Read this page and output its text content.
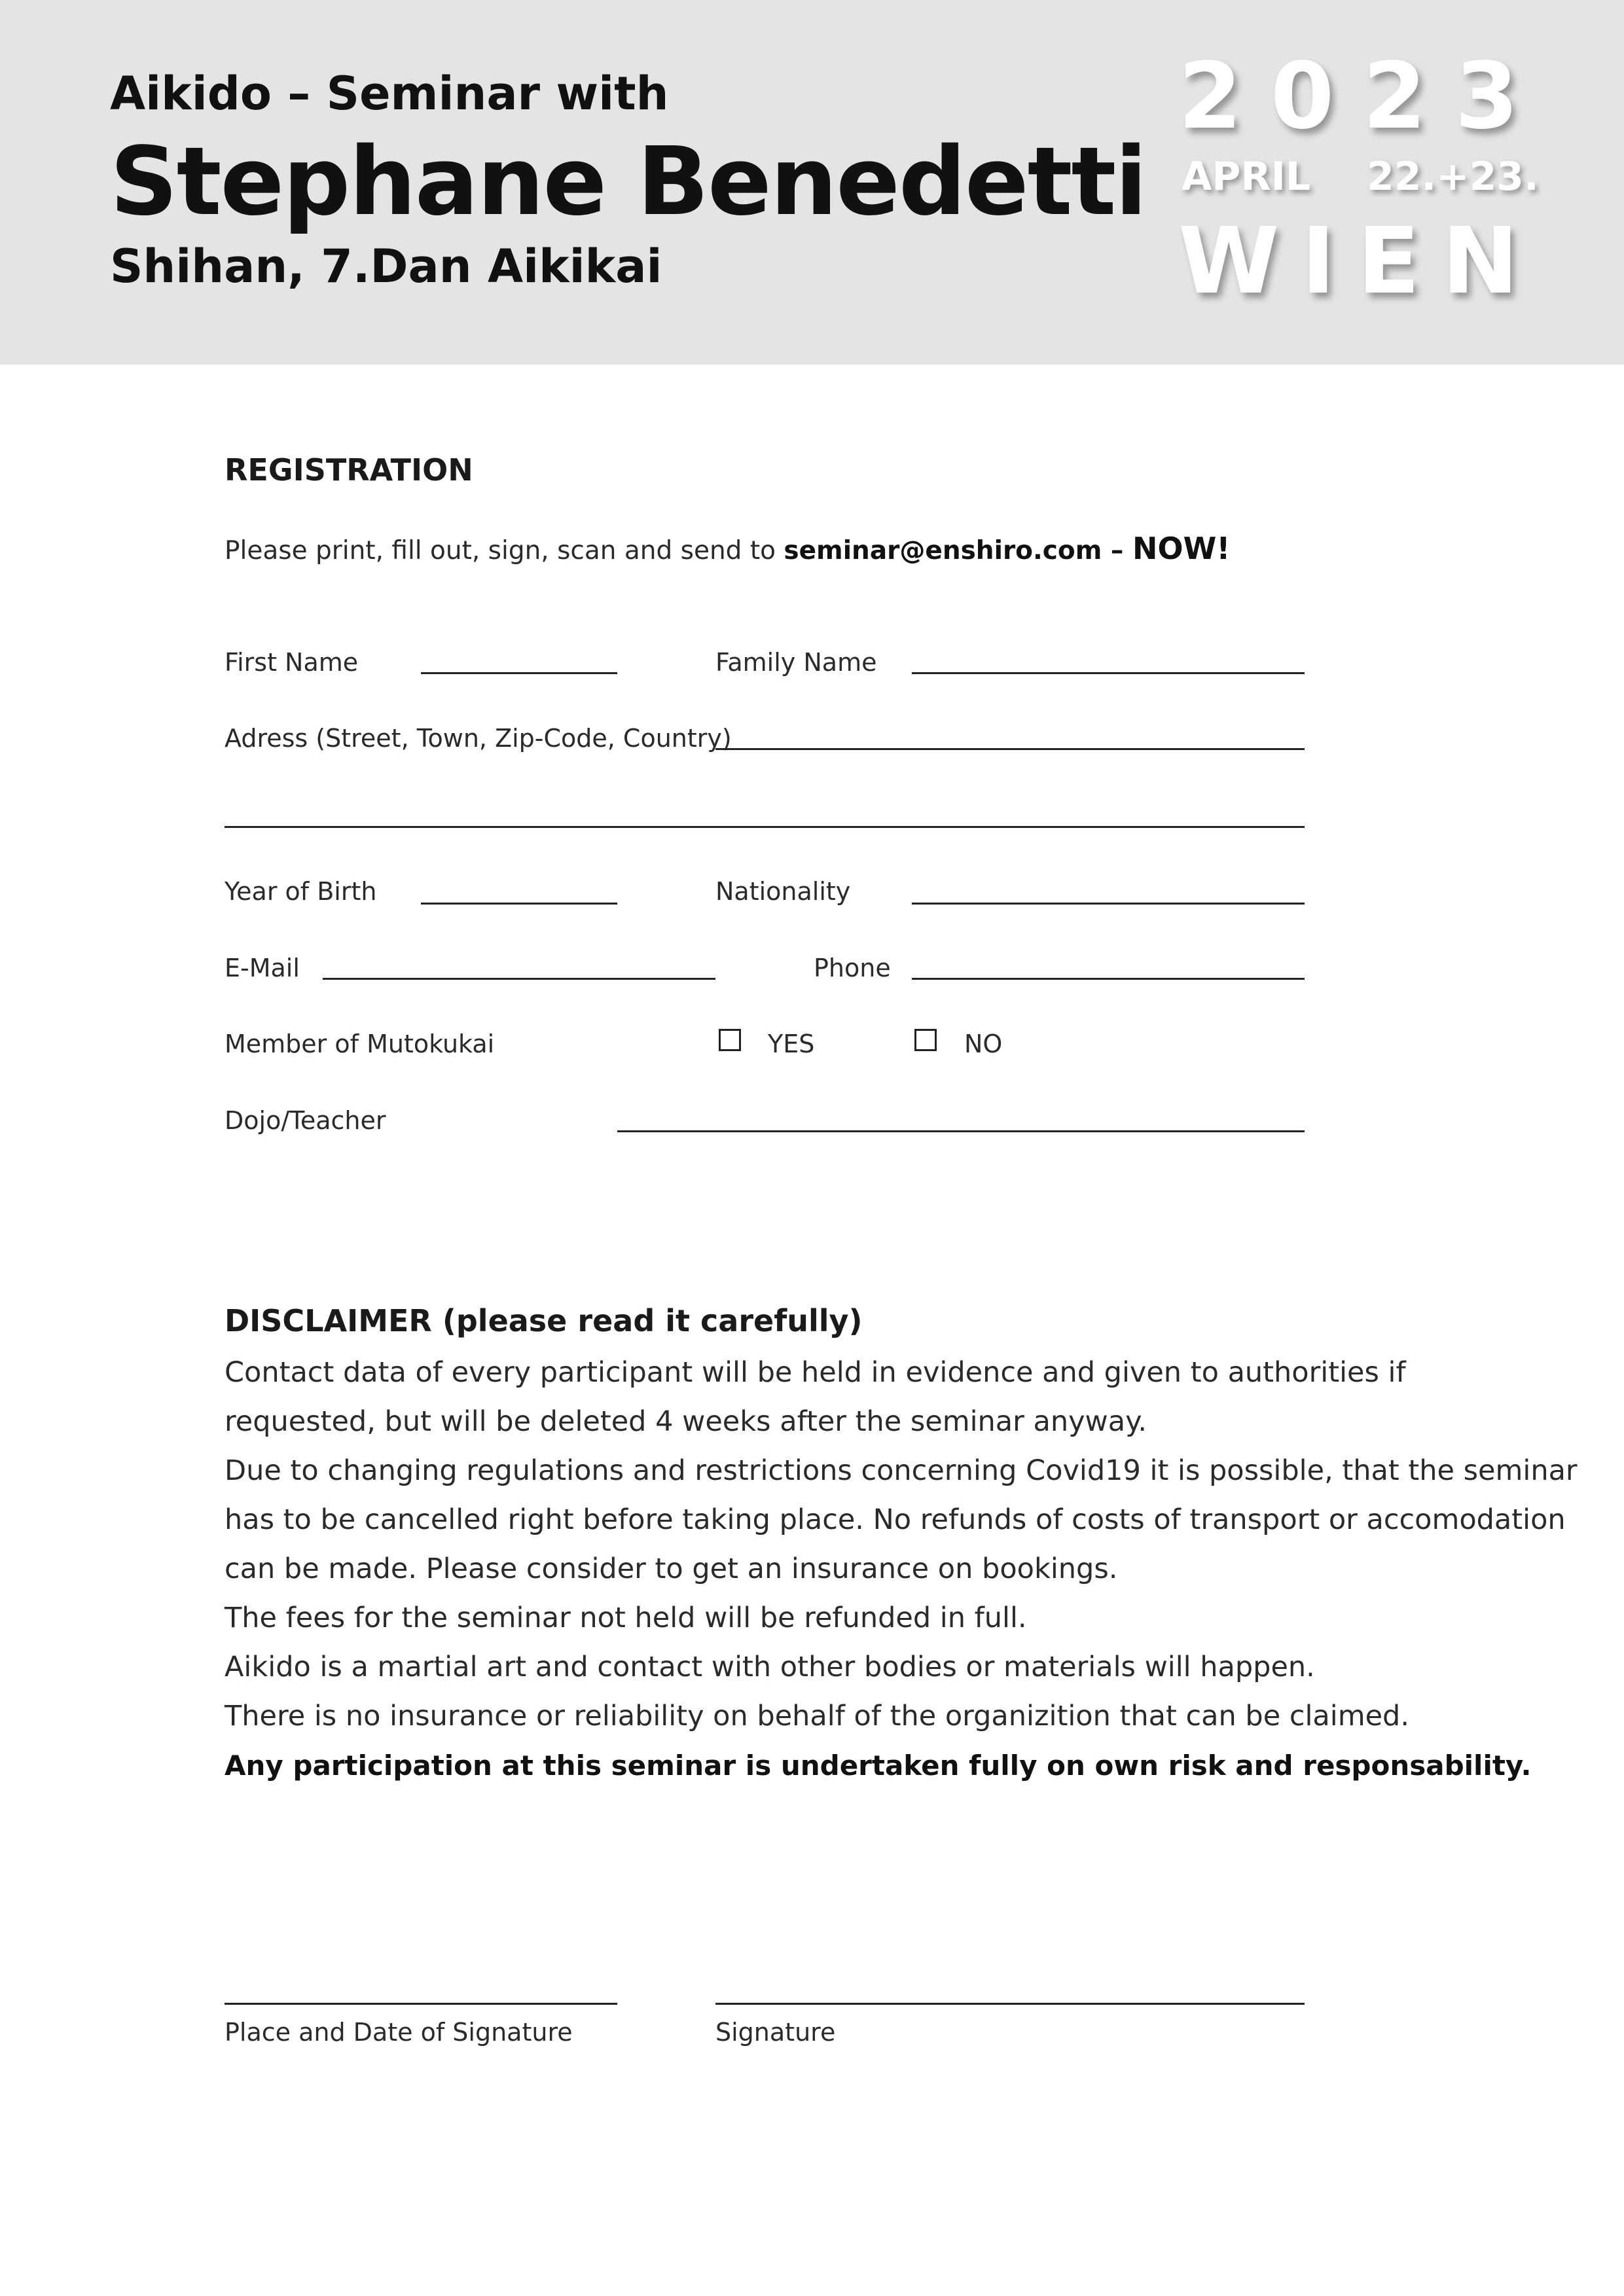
Aikido – Seminar with
Stephane Benedetti
Shihan, 7.Dan Aikikai
2 0 2 3
APRIL 22.+23.
W I E N
REGISTRATION
Please print, fill out, sign, scan and send to seminar@enshiro.com – NOW!
First Name	Family Name
Adress (Street, Town, Zip-Code, Country)
Year of Birth	Nationality
E-Mail	Phone
Member of Mutokukai	YES	NO
Dojo/Teacher
DISCLAIMER (please read it carefully)

Contact data of every participant will be held in evidence and given to authorities if

requested, but will be deleted 4 weeks after the seminar anyway.

Due to changing regulations and restrictions concerning Covid19 it is possible, that the seminar

has to be cancelled right before taking place. No refunds of costs of transport or accomodation

can be made. Please consider to get an insurance on bookings.

The fees for the seminar not held will be refunded in full.

Aikido is a martial art and contact with other bodies or materials will happen.

There is no insurance or reliability on behalf of the organizition that can be claimed.

Any participation at this seminar is undertaken fully on own risk and responsability.

Place and Date of Signature	Signature
